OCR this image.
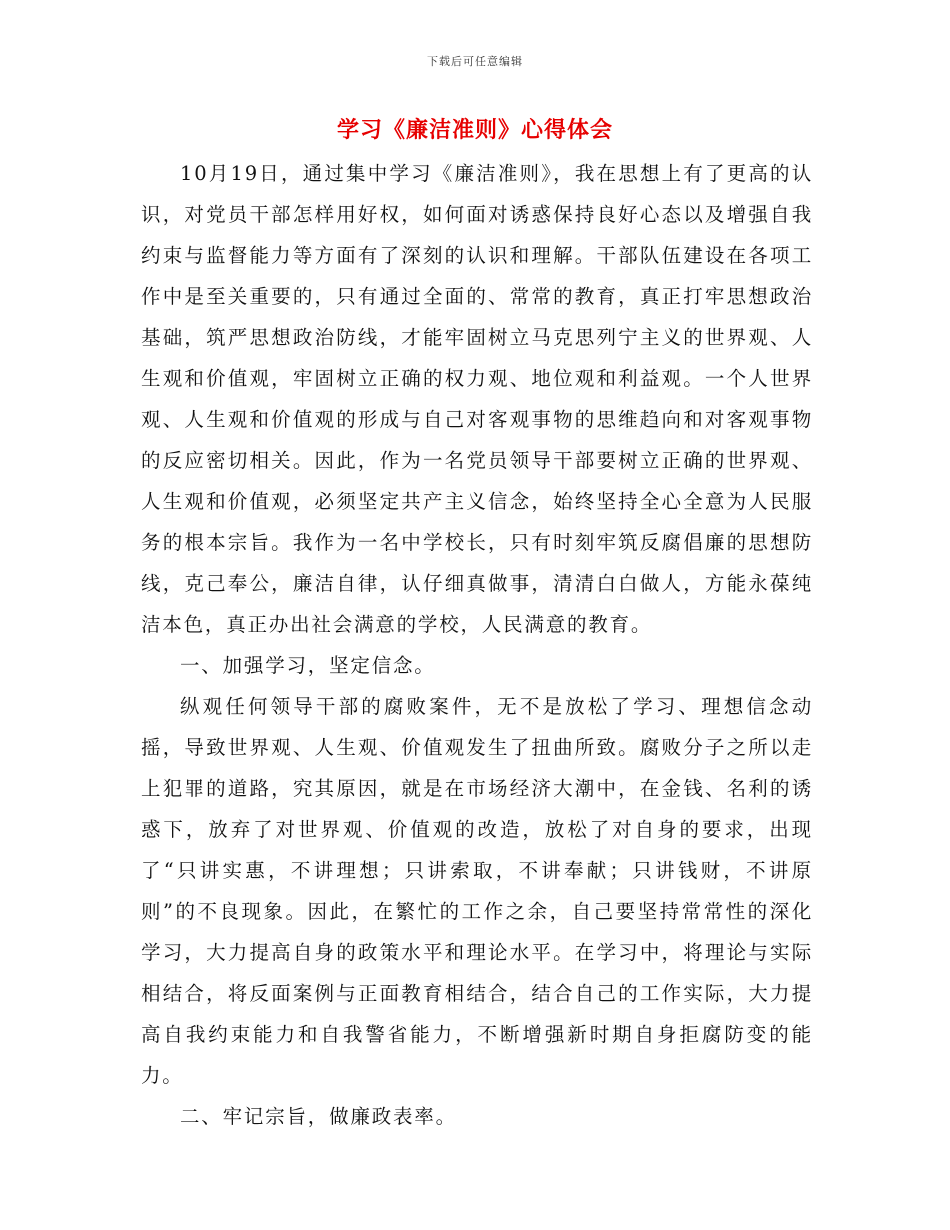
下载后可任意编辑
学习《廉洁准则》心得体会

10月19日，通过集中学习《廉洁准则》，我在思想上有了更高的认识，对党员干部怎样用好权，如何面对诱惑保持良好心态以及增强自我约束与监督能力等方面有了深刻的认识和理解。干部队伍建设在各项工作中是至关重要的，只有通过全面的、常常的教育，真正打牢思想政治基础，筑严思想政治防线，才能牢固树立马克思列宁主义的世界观、人生观和价值观，牢固树立正确的权力观、地位观和利益观。一个人世界观、人生观和价值观的形成与自己对客观事物的思维趋向和对客观事物的反应密切相关。因此，作为一名党员领导干部要树立正确的世界观、人生观和价值观，必须坚定共产主义信念，始终坚持全心全意为人民服务的根本宗旨。我作为一名中学校长，只有时刻牢筑反腐倡廉的思想防线，克己奉公，廉洁自律，认仔细真做事，清清白白做人，方能永葆纯洁本色，真正办出社会满意的学校，人民满意的教育。

一、加强学习，坚定信念。

纵观任何领导干部的腐败案件，无不是放松了学习、理想信念动摇，导致世界观、人生观、价值观发生了扭曲所致。腐败分子之所以走上犯罪的道路，究其原因，就是在市场经济大潮中，在金钱、名利的诱惑下，放弃了对世界观、价值观的改造，放松了对自身的要求，出现了“只讲实惠，不讲理想；只讲索取，不讲奉献；只讲钱财，不讲原则”的不良现象。因此，在繁忙的工作之余，自己要坚持常常性的深化学习，大力提高自身的政策水平和理论水平。在学习中，将理论与实际相结合，将反面案例与正面教育相结合，结合自己的工作实际，大力提高自我约束能力和自我警省能力，不断增强新时期自身拒腐防变的能力。

二、牢记宗旨，做廉政表率。
